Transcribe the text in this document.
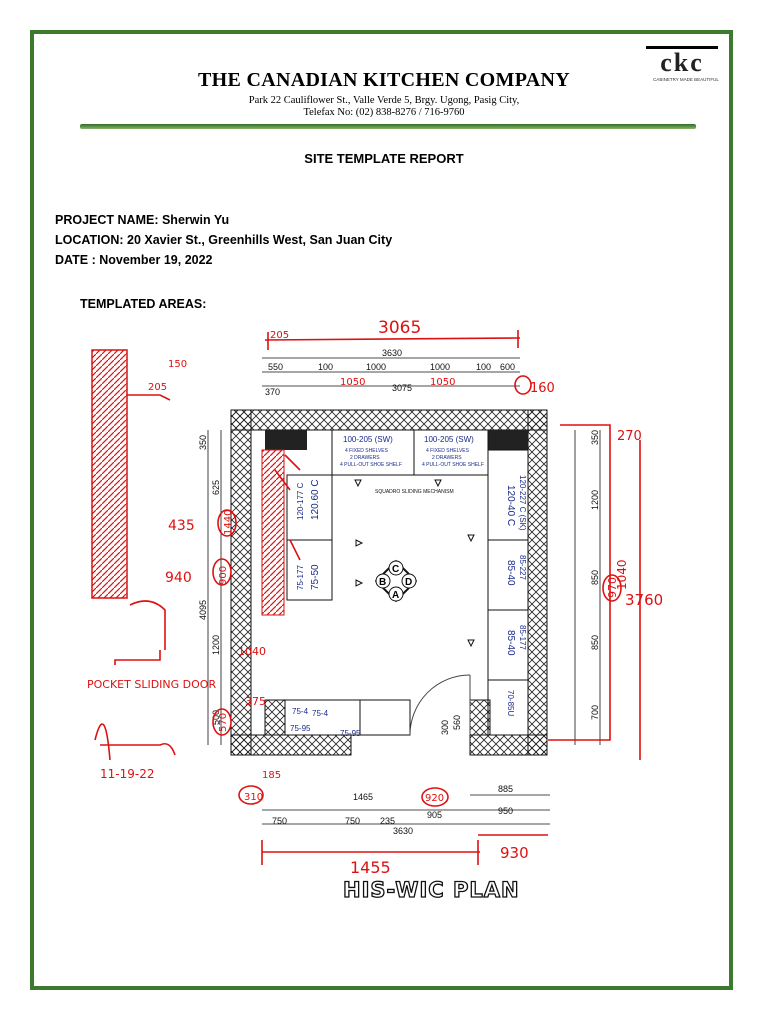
THE CANADIAN KITCHEN COMPANY
Park 22 Cauliflower St., Valle Verde 5, Brgy. Ugong, Pasig City,
Telefax No: (02) 838-8276 / 716-9760
ckc
CABINETRY MADE BEAUTIFUL
SITE TEMPLATE REPORT
PROJECT NAME: Sherwin Yu
LOCATION: 20 Xavier St., Greenhills West, San Juan City
DATE : November 19, 2022
TEMPLATED AREAS:
100-205 (SW)
4 FIXED SHELVES
2 DRAWERS
4 PULL-OUT SHOE SHELF
100-205 (SW)
4 FIXED SHELVES
2 DRAWERS
4 PULL-OUT SHOE SHELF
120-227 C (SK)
120-40 C
120-177 C 120.60 C
75-177 75-50	85-227
85-40
85-177
85-40
70-85U
75-4 75-4
75-95
75-95
C
B D
A
SQUADRO SLIDING MECHANISM
3630
550	100	1000	1000	100 600
370	3075
750	750 235
1465
885
950
905
3630
350
1200
850
850
700
350
625
4095
1200
500	560
300
3065
160
270
3760
1040
970
1050	1050
1455
930
310	920
435
940
1440
900
1040
570
375
205
150
205
185
POCKET SLIDING DOOR
11-19-22
HIS-WIC PLAN
